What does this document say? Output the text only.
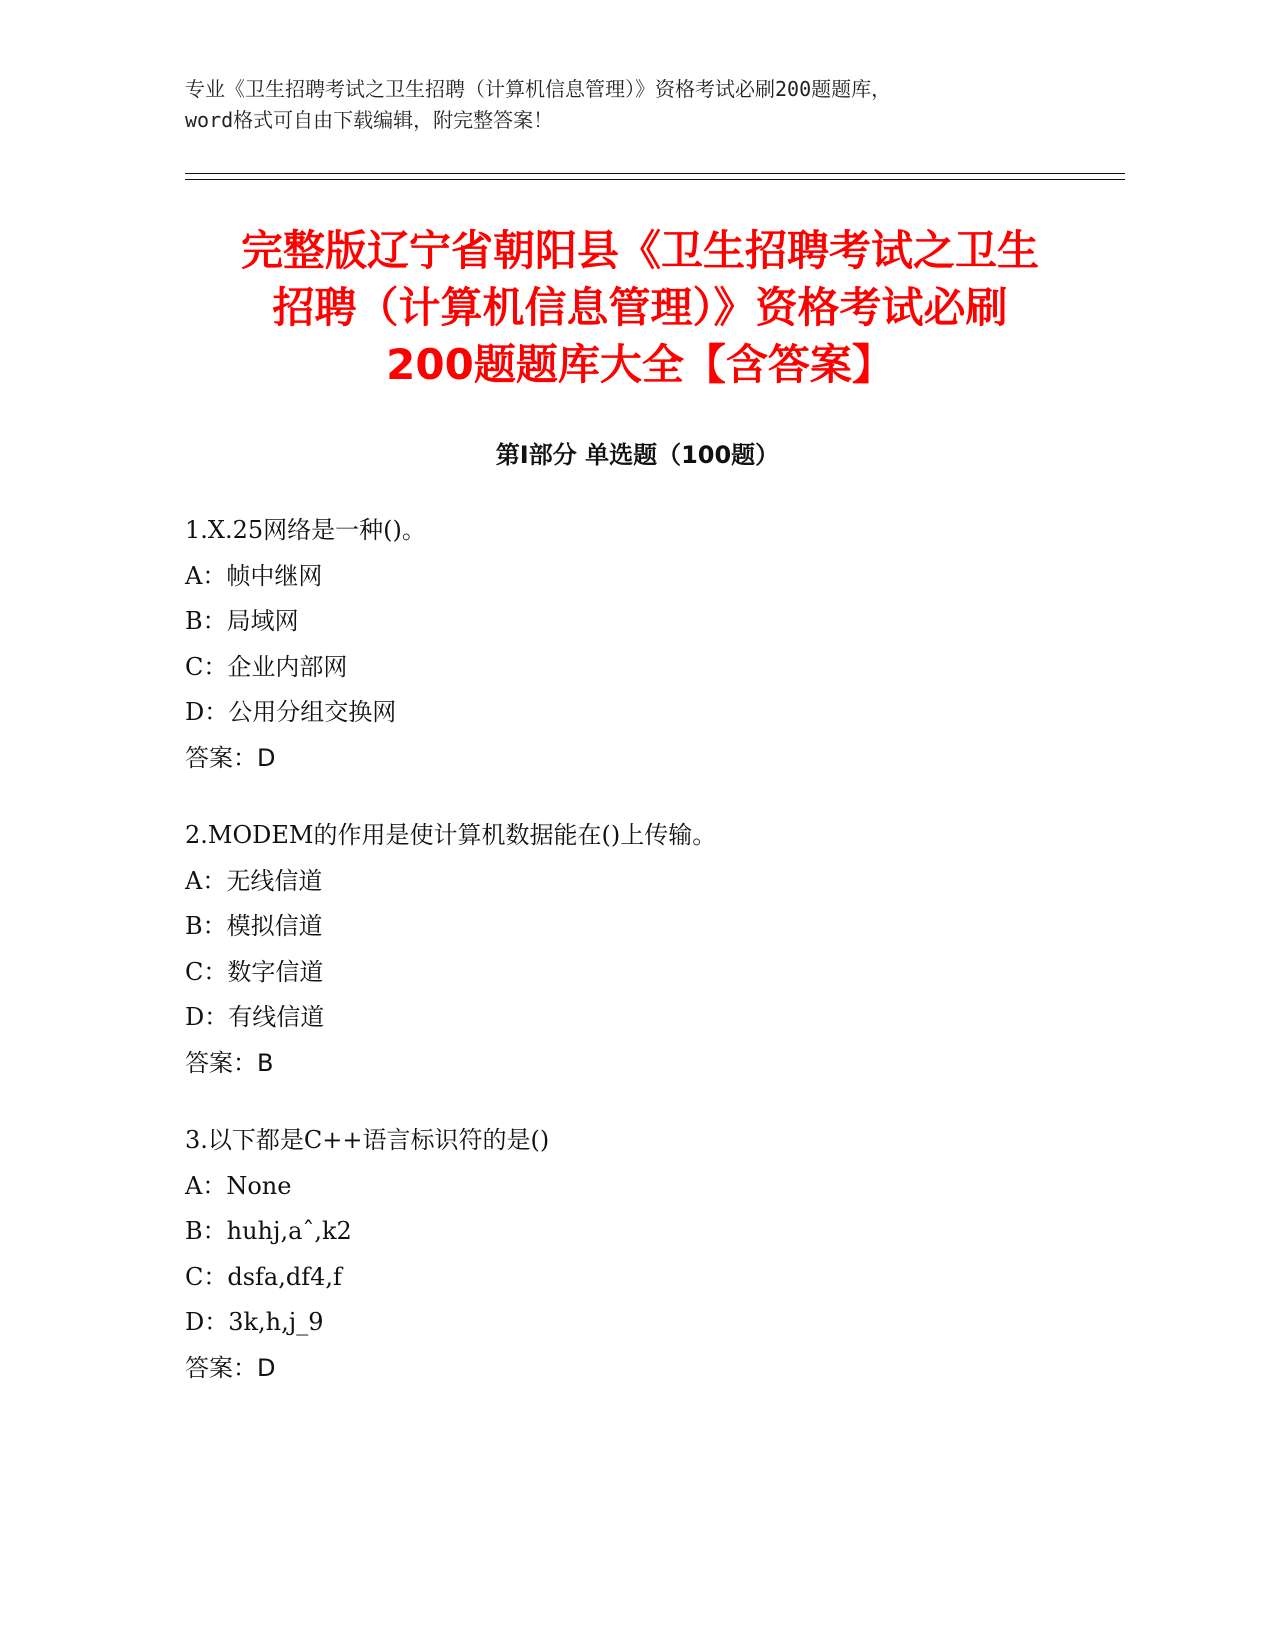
专业《卫生招聘考试之卫生招聘（计算机信息管理）》资格考试必刷200题题库，
word格式可自由下载编辑，附完整答案！
完整版辽宁省朝阳县《卫生招聘考试之卫生
招聘（计算机信息管理）》资格考试必刷
200题题库大全【含答案】
第Ⅰ部分 单选题（100题）
1.X.25网络是一种()。
A：帧中继网
B：局域网
C：企业内部网
D：公用分组交换网
答案：D
2.MODEM的作用是使计算机数据能在()上传输。
A：无线信道
B：模拟信道
C：数字信道
D：有线信道
答案：B
3.以下都是C++语言标识符的是()
A：None
B：huhj,aˆ,k2
C：dsfa,df4,f
D：3k,h,j_9
答案：D
